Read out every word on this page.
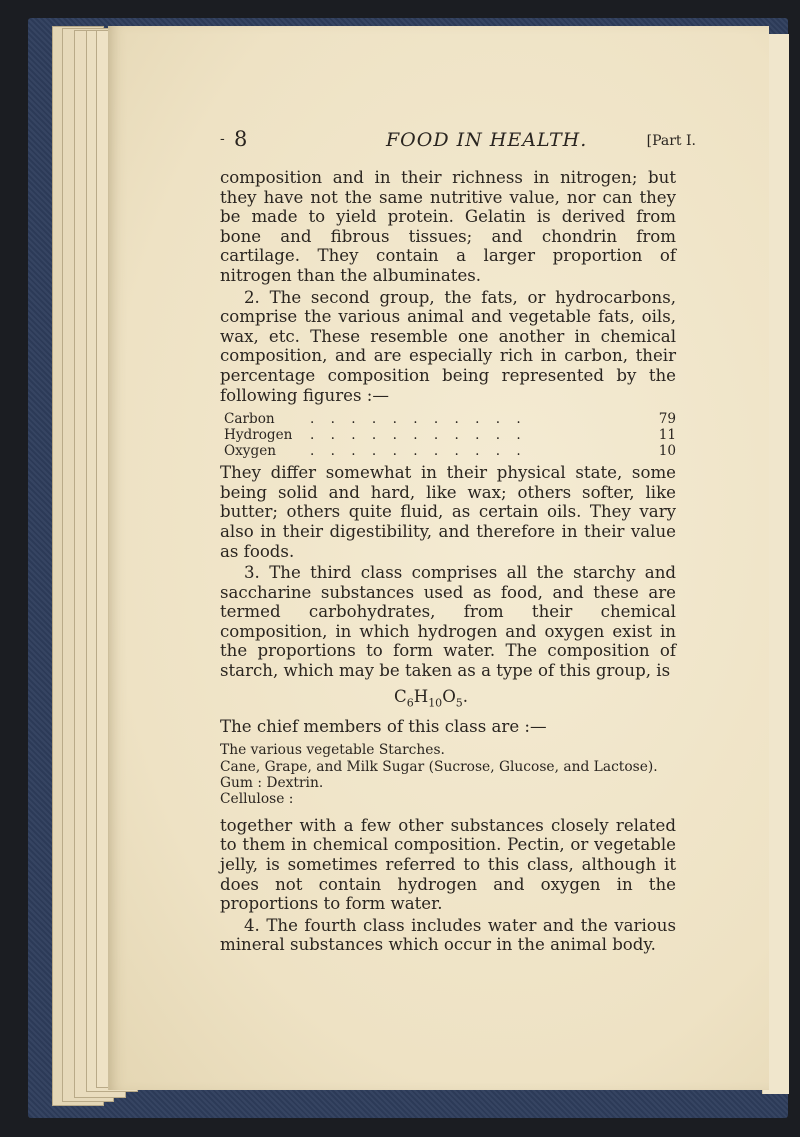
- 8	FOOD IN HEALTH.	[Part I.

composition and in their richness in nitrogen; but they have not the same nutritive value, nor can they be made to yield protein. Gelatin is derived from bone and fibrous tissues; and chondrin from cartilage. They contain a larger proportion of nitrogen than the albuminates.

2. The second group, the fats, or hydrocarbons, comprise the various animal and vegetable fats, oils, wax, etc. These resemble one another in chemical composition, and are especially rich in carbon, their percentage composition being represented by the following figures :—

Carbon	. . . . . . . . . . .	79
Hydrogen	. . . . . . . . . . .	11
Oxygen	. . . . . . . . . . .	10

They differ somewhat in their physical state, some being solid and hard, like wax; others softer, like butter; others quite fluid, as certain oils. They vary also in their digestibility, and therefore in their value as foods.

3. The third class comprises all the starchy and saccharine substances used as food, and these are termed carbohydrates, from their chemical composition, in which hydrogen and oxygen exist in the proportions to form water. The composition of starch, which may be taken as a type of this group, is

$C_6H_{10}O_5$.

The chief members of this class are :—

The various vegetable Starches.
Cane, Grape, and Milk Sugar (Sucrose, Glucose, and Lactose).
Gum : Dextrin.
Cellulose :

together with a few other substances closely related to them in chemical composition. Pectin, or vegetable jelly, is sometimes referred to this class, although it does not contain hydrogen and oxygen in the proportions to form water.

4. The fourth class includes water and the various mineral substances which occur in the animal body.
